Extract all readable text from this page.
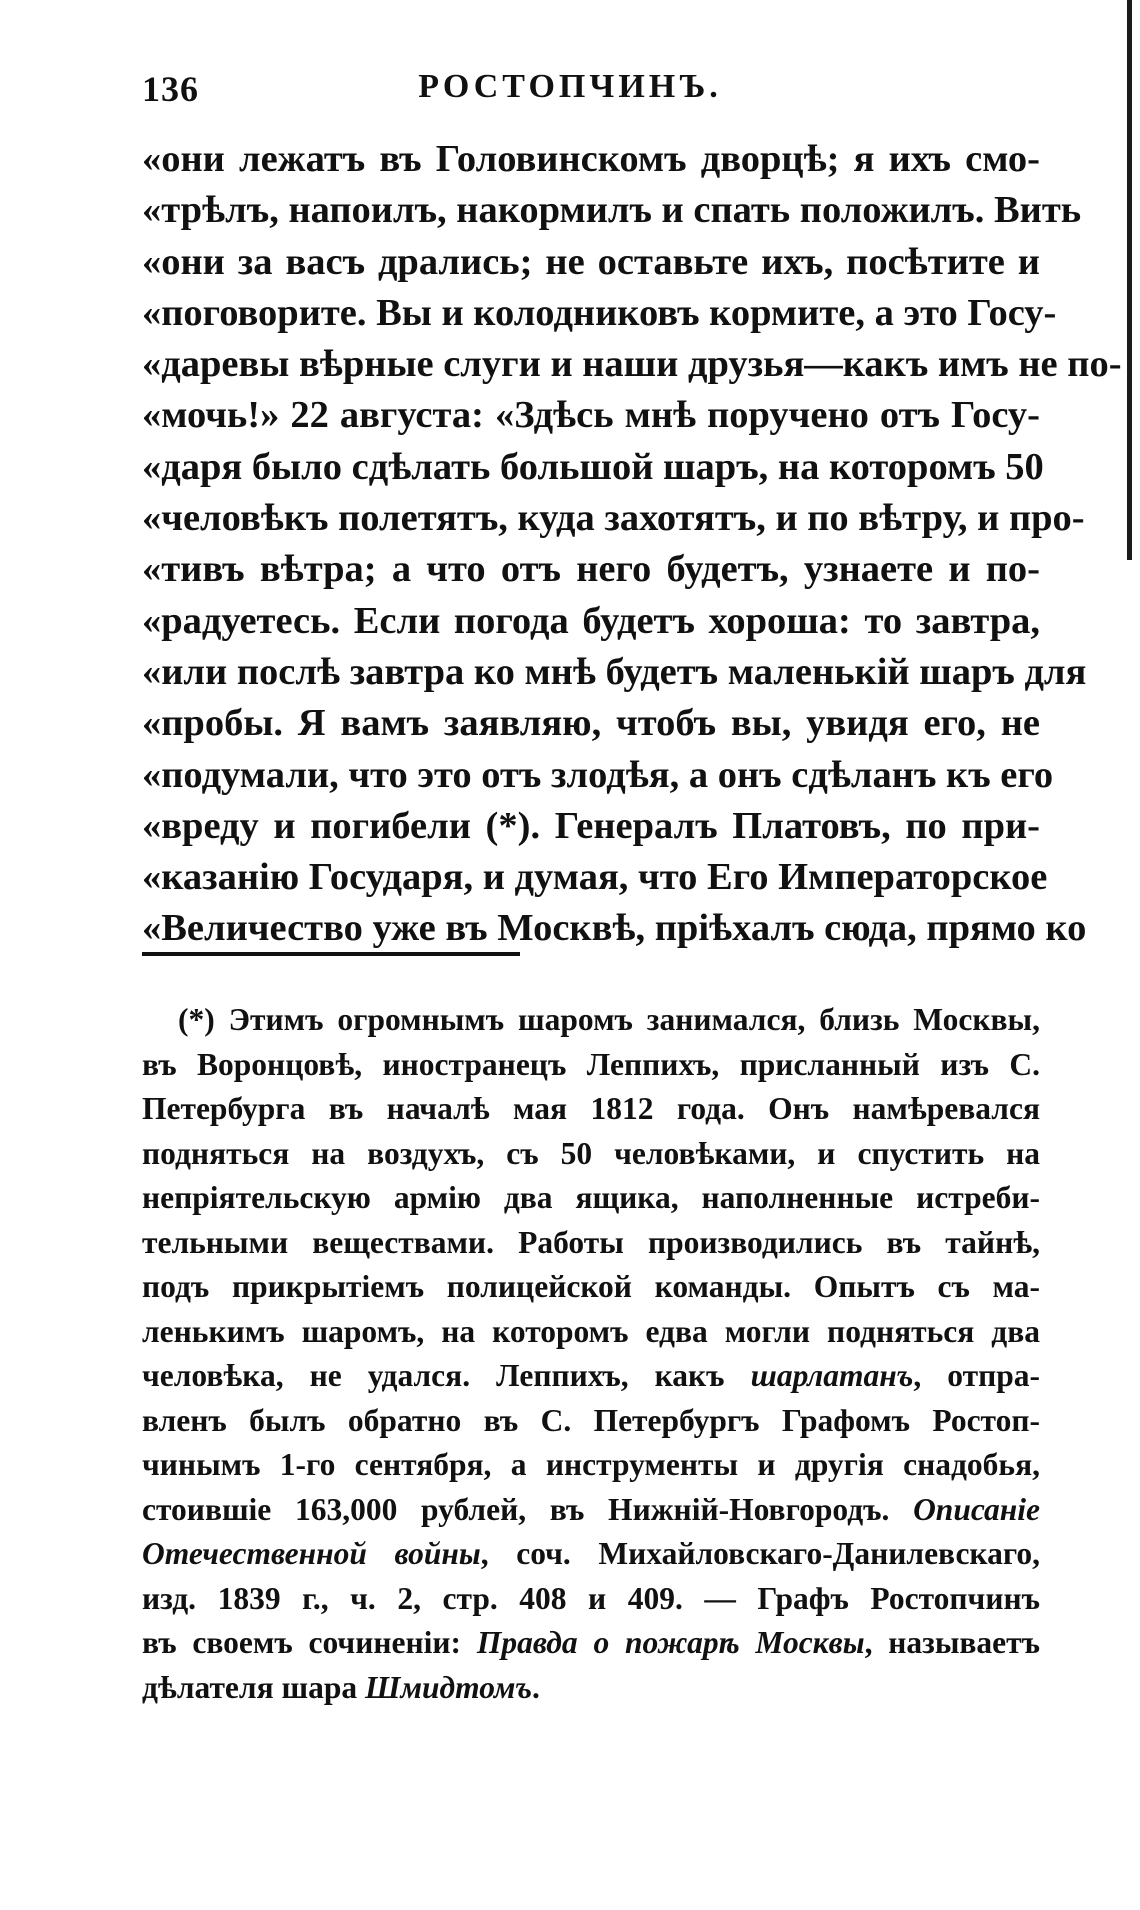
136	РОСТОПЧИНЪ.
«они лежатъ въ Головинскомъ дворцѣ; я ихъ смо-
«трѣлъ, напоилъ, накормилъ и спать положилъ. Вить
«они за васъ дрались; не оставьте ихъ, посѣтите и
«поговорите. Вы и колодниковъ кормите, а это Госу-
«даревы вѣрные слуги и наши друзья—какъ имъ не по-
«мочь!» 22 августа: «Здѣсь мнѣ поручено отъ Госу-
«даря было сдѣлать большой шаръ, на которомъ 50
«человѣкъ полетятъ, куда захотятъ, и по вѣтру, и про-
«тивъ вѣтра; а что отъ него будетъ, узнаете и по-
«радуетесь. Если погода будетъ хороша: то завтра,
«или послѣ завтра ко мнѣ будетъ маленькій шаръ для
«пробы. Я вамъ заявляю, чтобъ вы, увидя его, не
«подумали, что это отъ злодѣя, а онъ сдѣланъ къ его
«вреду и погибели (*). Генералъ Платовъ, по при-
«казанію Государя, и думая, что Его Императорское
«Величество уже въ Москвѣ, пріѣхалъ сюда, прямо ко
(*) Этимъ огромнымъ шаромъ занимался, близь Москвы,
въ Воронцовѣ, иностранецъ Леппихъ, присланный изъ С.
Петербурга въ началѣ мая 1812 года. Онъ намѣревался
подняться на воздухъ, съ 50 человѣками, и спустить на
непріятельскую армію два ящика, наполненные истреби-
тельными веществами. Работы производились въ тайнѣ,
подъ прикрытіемъ полицейской команды. Опытъ съ ма-
ленькимъ шаромъ, на которомъ едва могли подняться два
человѣка, не удался. Леппихъ, какъ шарлатанъ, отпра-
вленъ былъ обратно въ С. Петербургъ Графомъ Ростоп-
чинымъ 1-го сентября, а инструменты и другія снадобья,
стоившіе 163,000 рублей, въ Нижній-Новгородъ. Описаніе
Отечественной войны, соч. Михайловскаго-Данилевскаго,
изд. 1839 г., ч. 2, стр. 408 и 409. — Графъ Ростопчинъ
въ своемъ сочиненіи: Правда о пожарѣ Москвы, называетъ
дѣлателя шара Шмидтомъ.
